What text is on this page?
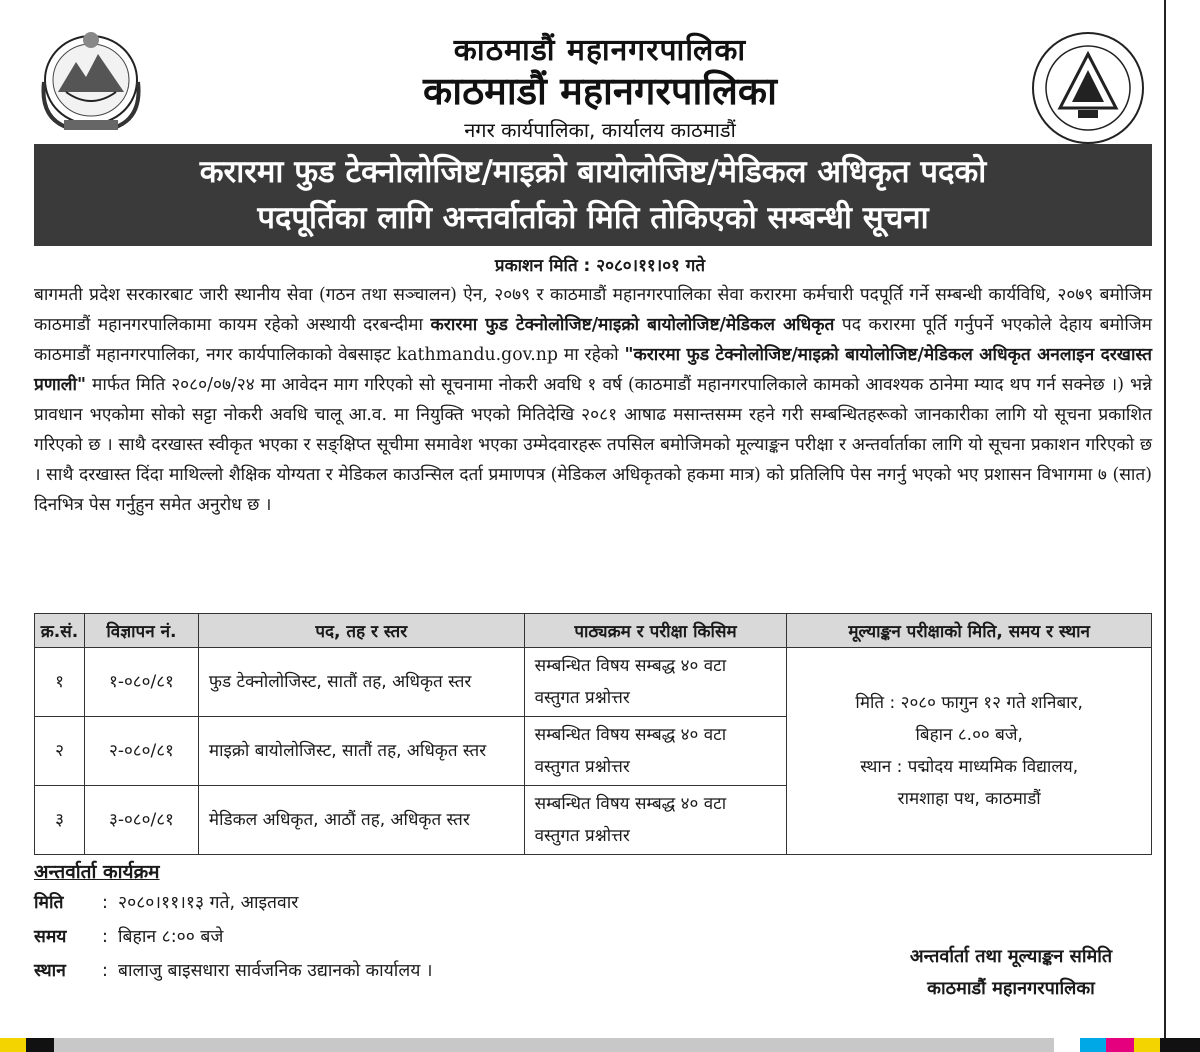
काठमाडौं महानगरपालिका
काठमाडौं महानगरपालिका
नगर कार्यपालिका, कार्यालय काठमाडौं
करारमा फुड टेक्नोलोजिष्ट/माइक्रो बायोलोजिष्ट/मेडिकल अधिकृत पदको
पदपूर्तिका लागि अन्तर्वार्ताको मिति तोकिएको सम्बन्धी सूचना
प्रकाशन मिति : २०८०।११।०१ गते
बागमती प्रदेश सरकारबाट जारी स्थानीय सेवा (गठन तथा सञ्चालन) ऐन, २०७९ र काठमाडौं महानगरपालिका सेवा करारमा कर्मचारी पदपूर्ति गर्ने सम्बन्धी कार्यविधि, २०७९ बमोजिम काठमाडौं महानगरपालिकामा कायम रहेको अस्थायी दरबन्दीमा करारमा फुड टेक्नोलोजिष्ट/माइक्रो बायोलोजिष्ट/मेडिकल अधिकृत पद करारमा पूर्ति गर्नुपर्ने भएकोले देहाय बमोजिम काठमाडौं महानगरपालिका, नगर कार्यपालिकाको वेबसाइट kathmandu.gov.np मा रहेको "करारमा फुड टेक्नोलोजिष्ट/माइक्रो बायोलोजिष्ट/मेडिकल अधिकृत अनलाइन दरखास्त प्रणाली" मार्फत मिति २०८०/०७/२४ मा आवेदन माग गरिएको सो सूचनामा नोकरी अवधि १ वर्ष (काठमाडौं महानगरपालिकाले कामको आवश्यक ठानेमा म्याद थप गर्न सक्नेछ ।) भन्ने प्रावधान भएकोमा सोको सट्टा नोकरी अवधि चालू आ.व. मा नियुक्ति भएको मितिदेखि २०८१ आषाढ मसान्तसम्म रहने गरी सम्बन्धितहरूको जानकारीका लागि यो सूचना प्रकाशित गरिएको छ । साथै दरखास्त स्वीकृत भएका र सङ्क्षिप्त सूचीमा समावेश भएका उम्मेदवारहरू तपसिल बमोजिमको मूल्याङ्कन परीक्षा र अन्तर्वार्ताका लागि यो सूचना प्रकाशन गरिएको छ । साथै दरखास्त दिंदा माथिल्लो शैक्षिक योग्यता र मेडिकल काउन्सिल दर्ता प्रमाणपत्र (मेडिकल अधिकृतको हकमा मात्र) को प्रतिलिपि पेस नगर्नु भएको भए प्रशासन विभागमा ७ (सात) दिनभित्र पेस गर्नुहुन समेत अनुरोध छ ।
क्र.सं.	विज्ञापन नं.	पद, तह र स्तर	पाठ्यक्रम र परीक्षा किसिम	मूल्याङ्कन परीक्षाको मिति, समय र स्थान
१	१-०८०/८१	फुड टेक्नोलोजिस्ट, सातौं तह, अधिकृत स्तर	सम्बन्धित विषय सम्बद्ध ४० वटा वस्तुगत प्रश्नोत्तर	मिति : २०८० फागुन १२ गते शनिबार,
बिहान ८.०० बजे,
स्थान : पद्मोदय माध्यमिक विद्यालय,
रामशाहा पथ, काठमाडौं

२	२-०८०/८१	माइक्रो बायोलोजिस्ट, सातौं तह, अधिकृत स्तर	सम्बन्धित विषय सम्बद्ध ४० वटा वस्तुगत प्रश्नोत्तर	
३	३-०८०/८१	मेडिकल अधिकृत, आठौं तह, अधिकृत स्तर	सम्बन्धित विषय सम्बद्ध ४० वटा वस्तुगत प्रश्नोत्तर	
अन्तर्वार्ता कार्यक्रम
मिति : २०८०।११।१३ गते, आइतवार
समय : बिहान ८:०० बजे
स्थान : बालाजु बाइसधारा सार्वजनिक उद्यानको कार्यालय ।
अन्तर्वार्ता तथा मूल्याङ्कन समिति
काठमाडौं महानगरपालिका
